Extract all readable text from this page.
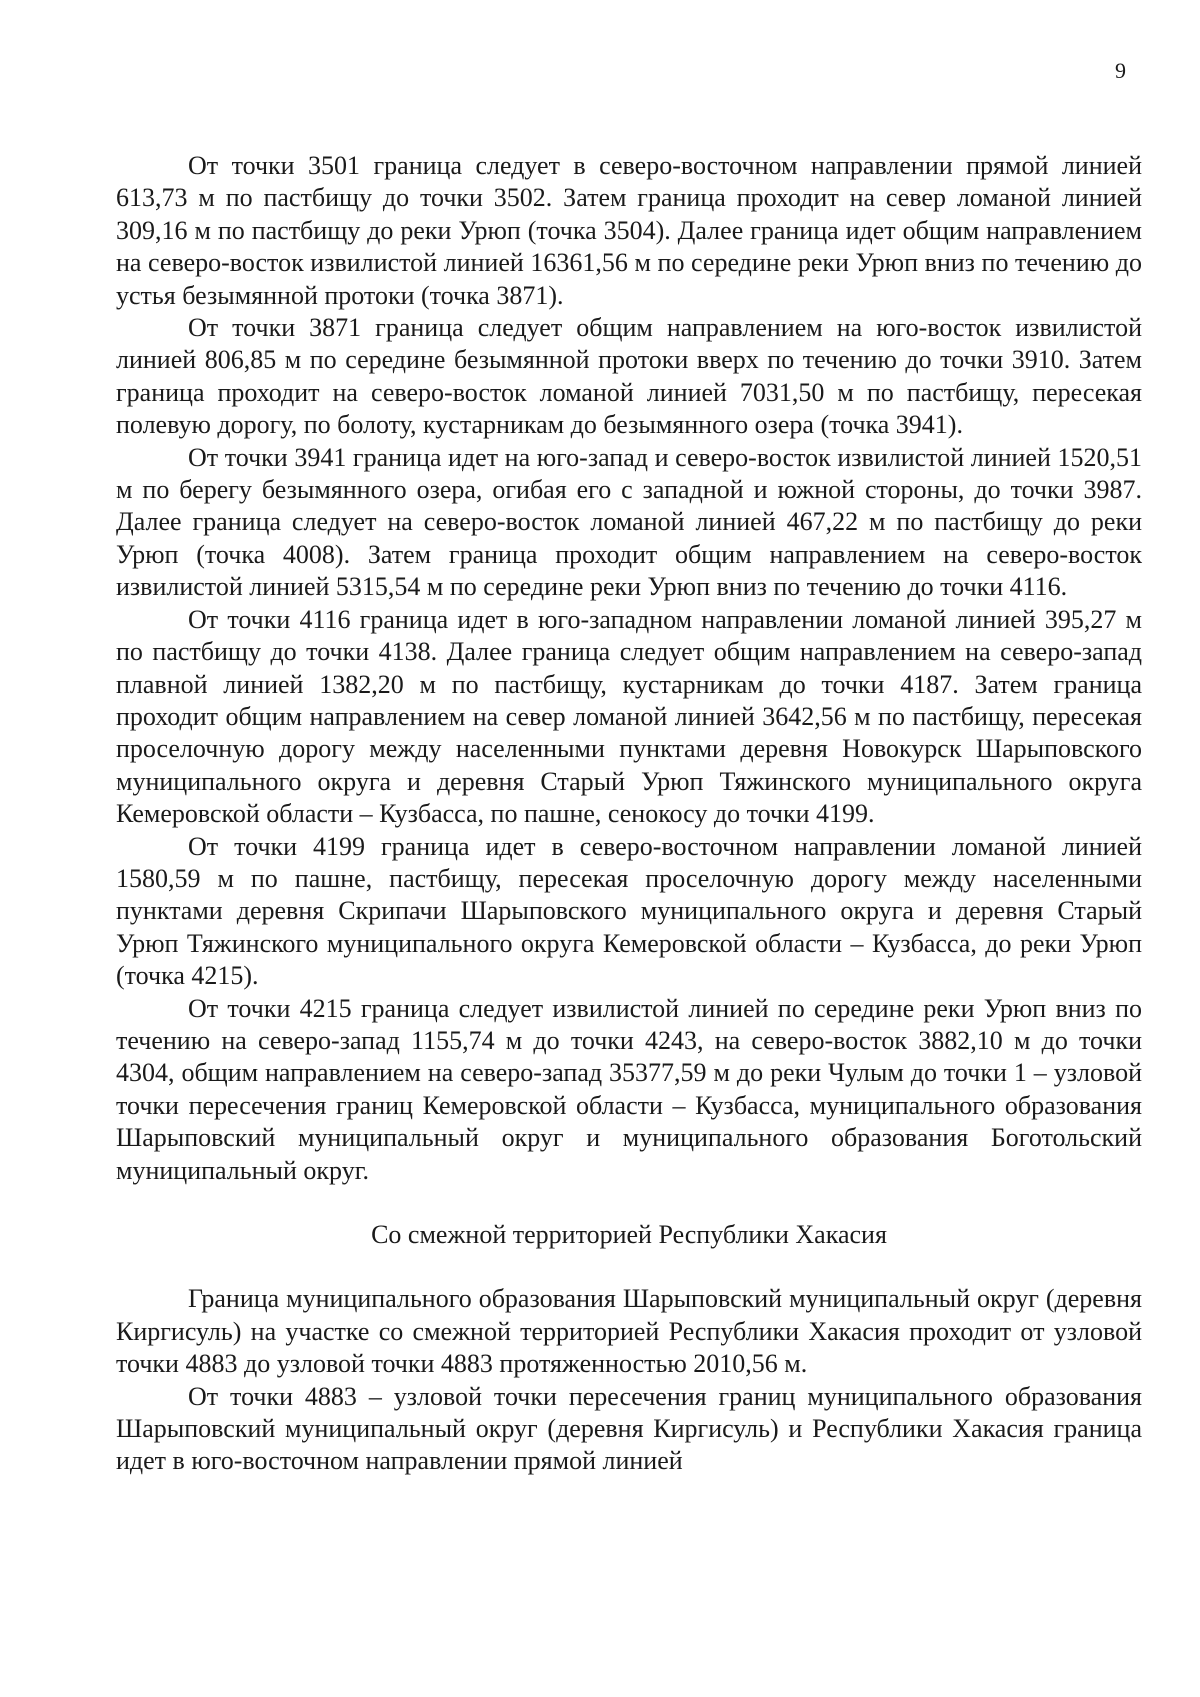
9

От точки 3501 граница следует в северо-восточном направлении прямой линией 613,73 м по пастбищу до точки 3502. Затем граница проходит на север ломаной линией 309,16 м по пастбищу до реки Урюп (точка 3504). Далее граница идет общим направлением на северо-восток извилистой линией 16361,56 м по середине реки Урюп вниз по течению до устья безымянной протоки (точка 3871).

От точки 3871 граница следует общим направлением на юго-восток извилистой линией 806,85 м по середине безымянной протоки вверх по течению до точки 3910. Затем граница проходит на северо-восток ломаной линией 7031,50 м по пастбищу, пересекая полевую дорогу, по болоту, кустарникам до безымянного озера (точка 3941).

От точки 3941 граница идет на юго-запад и северо-восток извилистой линией 1520,51 м по берегу безымянного озера, огибая его с западной и южной стороны, до точки 3987. Далее граница следует на северо-восток ломаной линией 467,22 м по пастбищу до реки Урюп (точка 4008). Затем граница проходит общим направлением на северо-восток извилистой линией 5315,54 м по середине реки Урюп вниз по течению до точки 4116.

От точки 4116 граница идет в юго-западном направлении ломаной линией 395,27 м по пастбищу до точки 4138. Далее граница следует общим направлением на северо-запад плавной линией 1382,20 м по пастбищу, кустарникам до точки 4187. Затем граница проходит общим направлением на север ломаной линией 3642,56 м по пастбищу, пересекая проселочную дорогу между населенными пунктами деревня Новокурск Шарыповского муниципального округа и деревня Старый Урюп Тяжинского муниципального округа Кемеровской области – Кузбасса, по пашне, сенокосу до точки 4199.

От точки 4199 граница идет в северо-восточном направлении ломаной линией 1580,59 м по пашне, пастбищу, пересекая проселочную дорогу между населенными пунктами деревня Скрипачи Шарыповского муниципального округа и деревня Старый Урюп Тяжинского муниципального округа Кемеровской области – Кузбасса, до реки Урюп (точка 4215).

От точки 4215 граница следует извилистой линией по середине реки Урюп вниз по течению на северо-запад 1155,74 м до точки 4243, на северо-восток 3882,10 м до точки 4304, общим направлением на северо-запад 35377,59 м до реки Чулым до точки 1 – узловой точки пересечения границ Кемеровской области – Кузбасса, муниципального образования Шарыповский муниципальный округ и муниципального образования Боготольский муниципальный округ.

Со смежной территорией Республики Хакасия

Граница муниципального образования Шарыповский муниципальный округ (деревня Киргисуль) на участке со смежной территорией Республики Хакасия проходит от узловой точки 4883 до узловой точки 4883 протяженностью 2010,56 м.

От точки 4883 – узловой точки пересечения границ муниципального образования Шарыповский муниципальный округ (деревня Киргисуль) и Республики Хакасия граница идет в юго-восточном направлении прямой линией
